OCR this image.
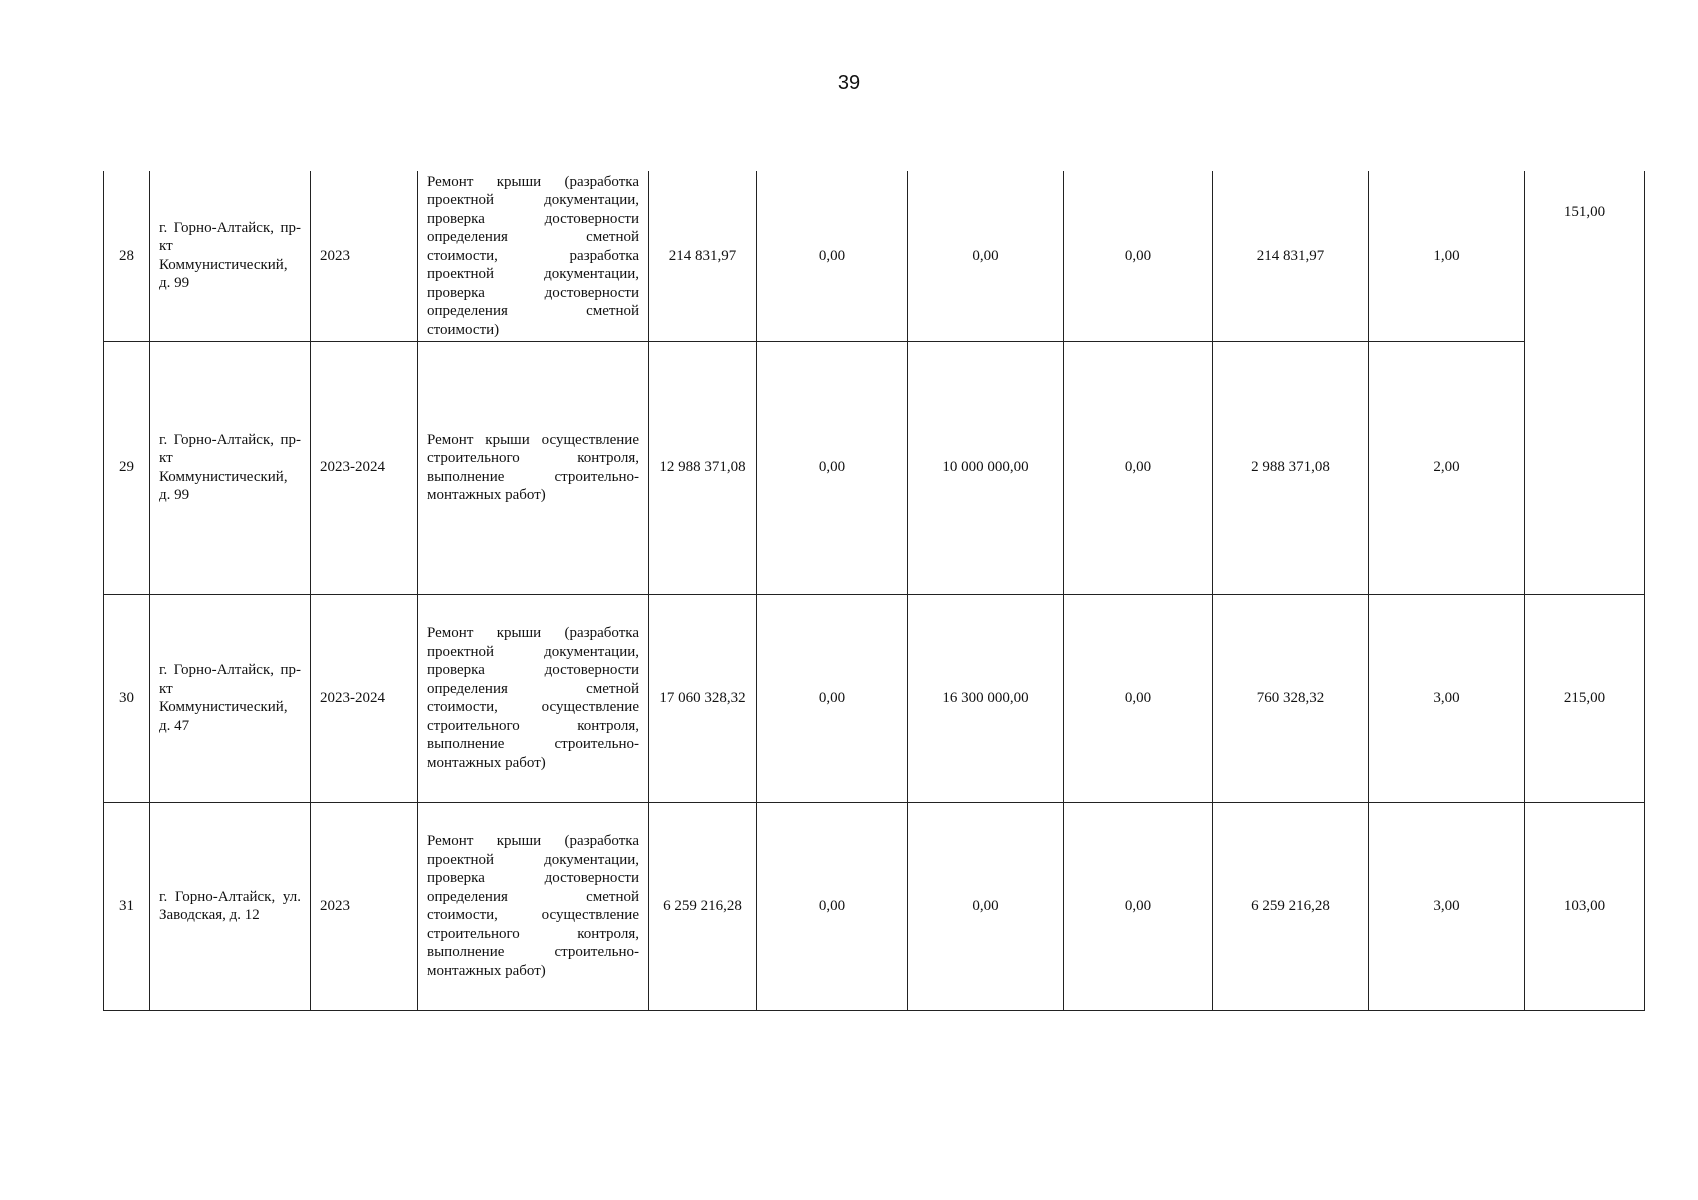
39
28	г. Горно-Алтайск, пр-кт Коммунистический, д. 99	2023	Ремонт крыши (разработка проектной документации, проверка достоверности определения сметной стоимости, разработка проектной документации, проверка достоверности определения сметной стоимости)	214 831,97	0,00	0,00	0,00	214 831,97	1,00	151,00
29	г. Горно-Алтайск, пр-кт Коммунистический, д. 99	2023-2024	Ремонт крыши осуществление строительного контроля, выполнение строительно-монтажных работ)	12 988 371,08	0,00	10 000 000,00	0,00	2 988 371,08	2,00	
30	г. Горно-Алтайск, пр-кт Коммунистический, д. 47	2023-2024	Ремонт крыши (разработка проектной документации, проверка достоверности определения сметной стоимости, осуществление строительного контроля, выполнение строительно-монтажных работ)	17 060 328,32	0,00	16 300 000,00	0,00	760 328,32	3,00	215,00
31	г. Горно-Алтайск, ул. Заводская, д. 12	2023	Ремонт крыши (разработка проектной документации, проверка достоверности определения сметной стоимости, осуществление строительного контроля, выполнение строительно-монтажных работ)	6 259 216,28	0,00	0,00	0,00	6 259 216,28	3,00	103,00
